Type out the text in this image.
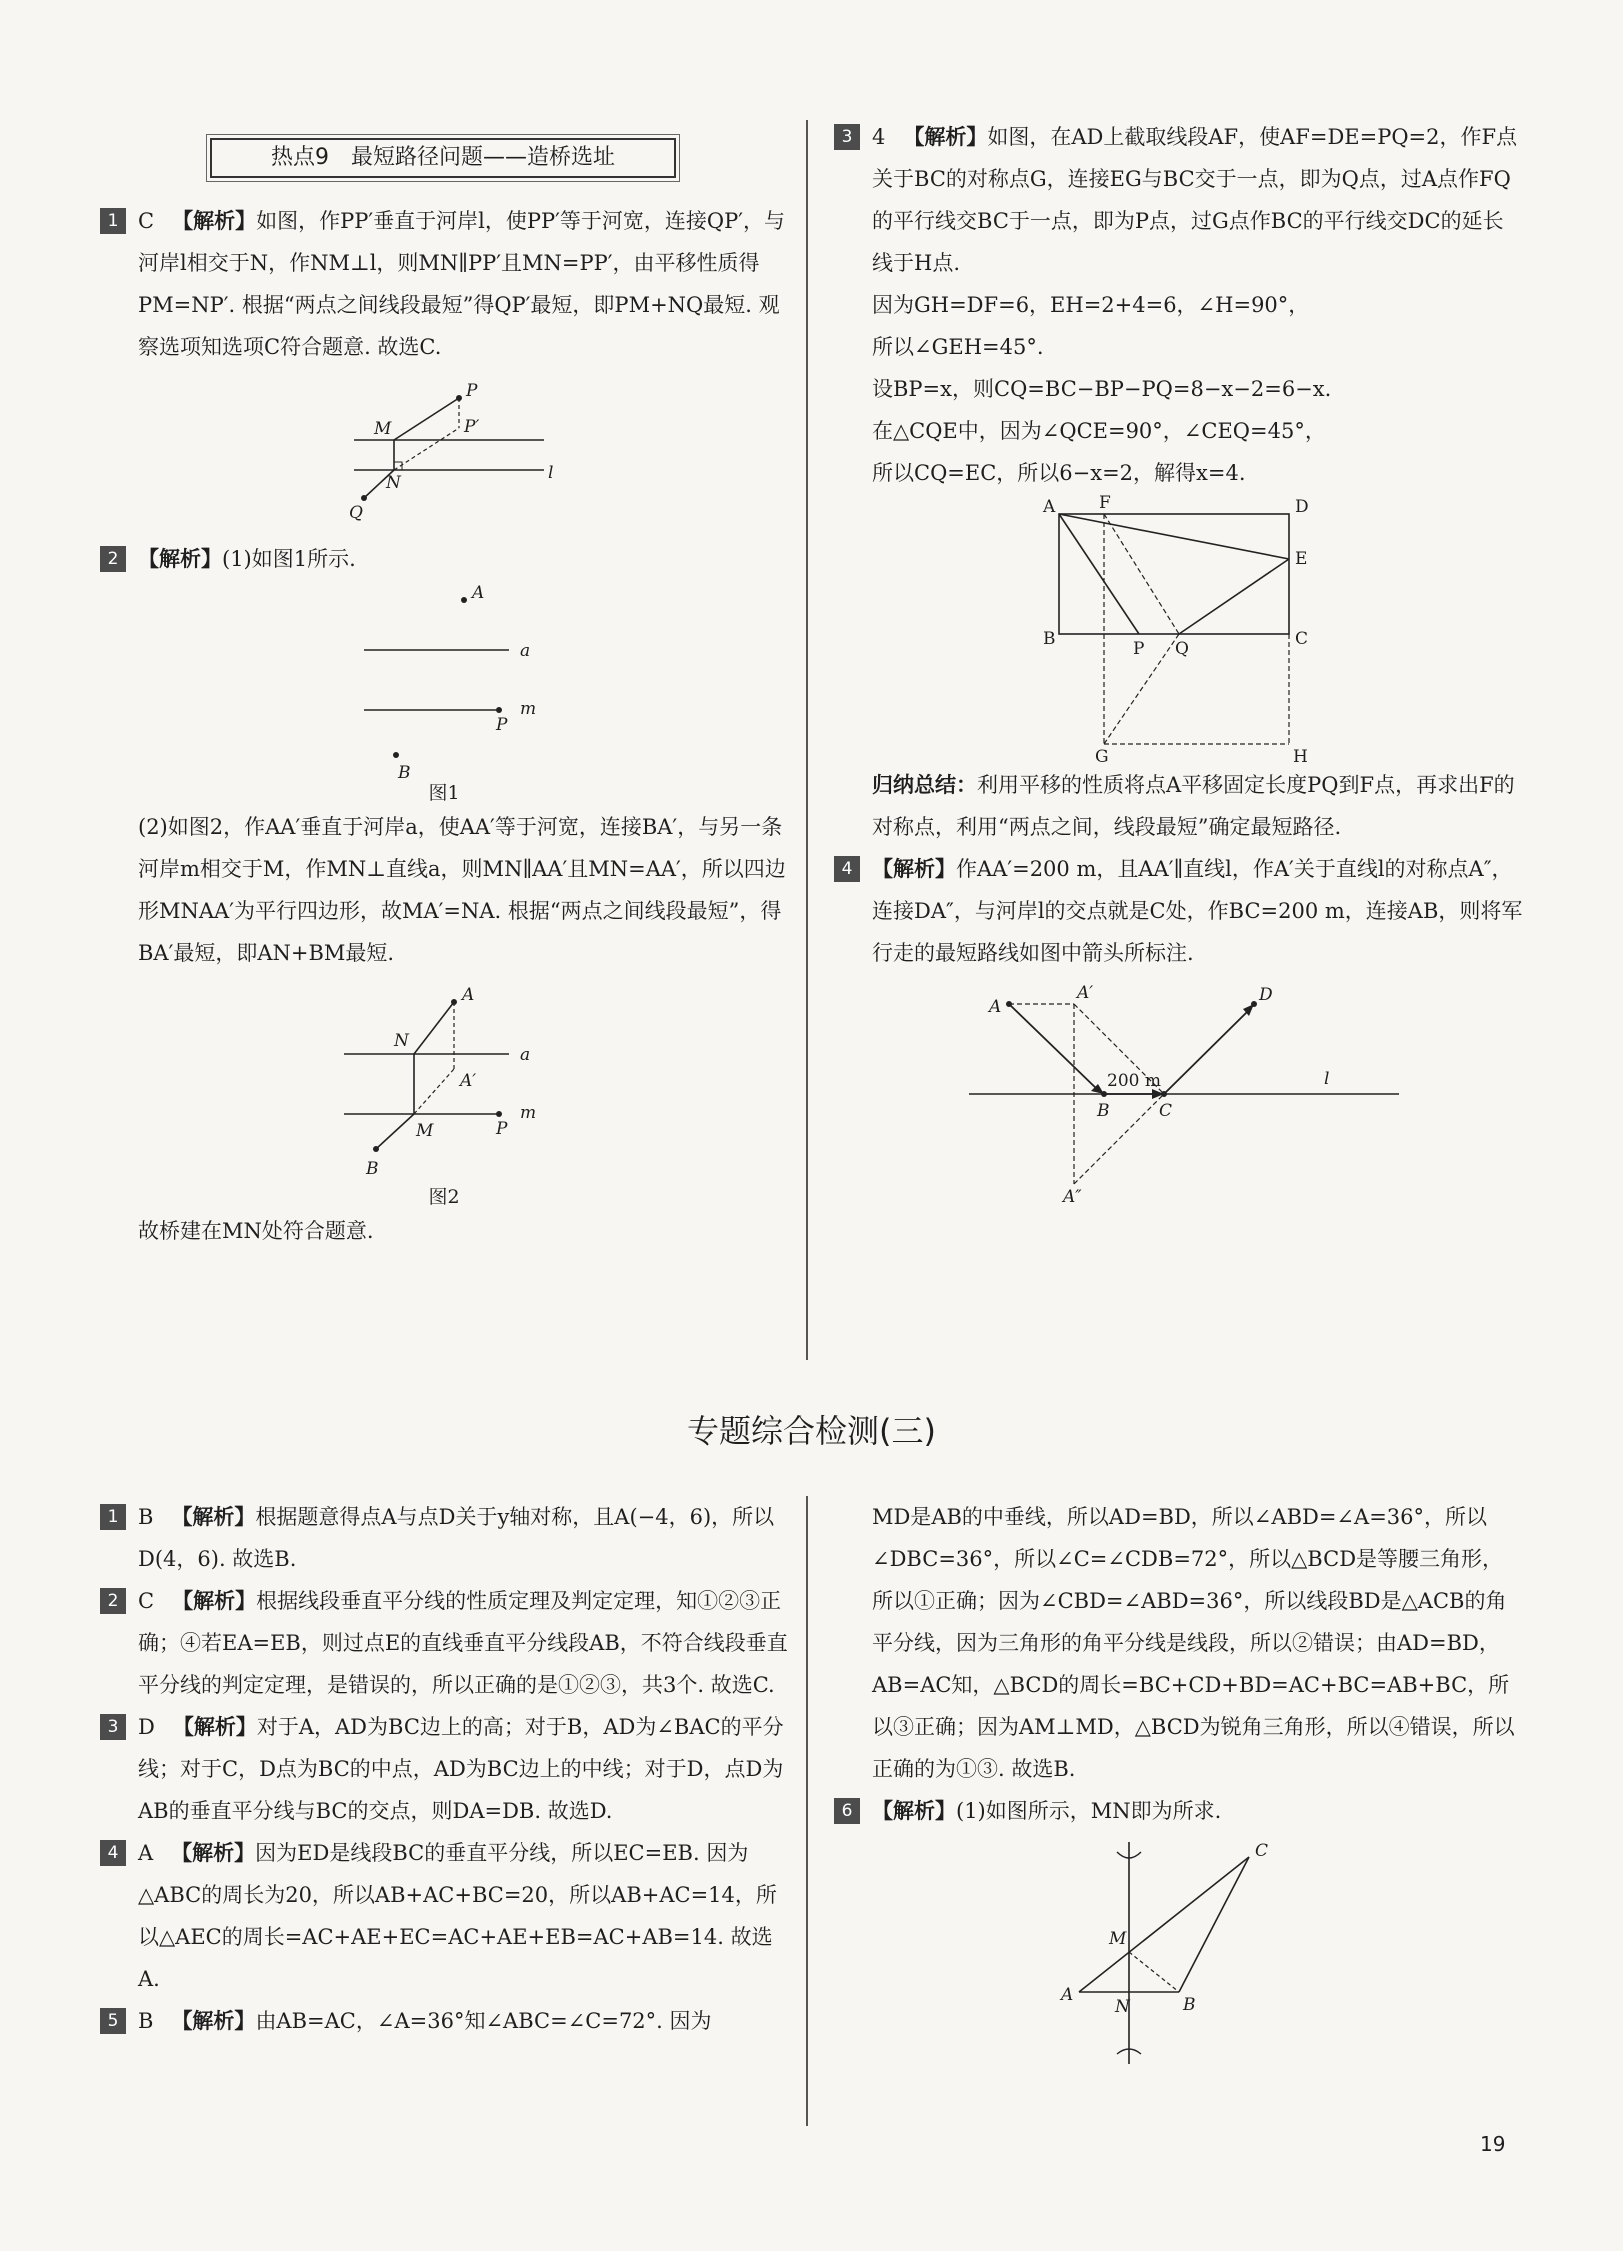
热点9　最短路径问题——造桥选址

1 C 【解析】如图，作PP′垂直于河岸l，使PP′等于河宽，连接QP′，与河岸l相交于N，作NM⊥l，则MN∥PP′且MN=PP′，由平移性质得PM=NP′. 根据“两点之间线段最短”得QP′最短，即PM+NQ最短. 观察选项知选项C符合题意. 故选C.

P
P′
M
N	l
Q

2 【解析】(1)如图1所示.

A
a
m
P
B

图1

(2)如图2，作AA′垂直于河岸a，使AA′等于河宽，连接BA′，与另一条河岸m相交于M，作MN⊥直线a，则MN∥AA′且MN=AA′，所以四边形MNAA′为平行四边形，故MA′=NA. 根据“两点之间线段最短”，得BA′最短，即AN+BM最短.

A
N
a
A′
m
M	P
B

图2

故桥建在MN处符合题意.

3 4 【解析】如图，在AD上截取线段AF，使AF=DE=PQ=2，作F点关于BC的对称点G，连接EG与BC交于一点，即为Q点，过A点作FQ的平行线交BC于一点，即为P点，过G点作BC的平行线交DC的延长线于H点.

因为GH=DF=6，EH=2+4=6，∠H=90°，

所以∠GEH=45°.

设BP=x，则CQ=BC−BP−PQ=8−x−2=6−x.

在△CQE中，因为∠QCE=90°，∠CEQ=45°，

所以CQ=EC，所以6−x=2，解得x=4.

A	F	D
E
B	P Q	C
G	H

归纳总结：利用平移的性质将点A平移固定长度PQ到F点，再求出F的对称点，利用“两点之间，线段最短”确定最短路径.

4 【解析】作AA′=200 m，且AA′∥直线l，作A′关于直线l的对称点A″，连接DA″，与河岸l的交点就是C处，作BC=200 m，连接AB，则将军行走的最短路线如图中箭头所标注.

A
A′	D
200 m	l
B	C
A″
专题综合检测(三)

1 B 【解析】根据题意得点A与点D关于y轴对称，且A(−4，6)，所以D(4，6). 故选B.

2 C 【解析】根据线段垂直平分线的性质定理及判定定理，知①②③正确；④若EA=EB，则过点E的直线垂直平分线段AB，不符合线段垂直平分线的判定定理，是错误的，所以正确的是①②③，共3个. 故选C.

3 D 【解析】对于A，AD为BC边上的高；对于B，AD为∠BAC的平分线；对于C，D点为BC的中点，AD为BC边上的中线；对于D，点D为AB的垂直平分线与BC的交点，则DA=DB. 故选D.

4 A 【解析】因为ED是线段BC的垂直平分线，所以EC=EB. 因为△ABC的周长为20，所以AB+AC+BC=20，所以AB+AC=14，所以△AEC的周长=AC+AE+EC=AC+AE+EB=AC+AB=14. 故选A.

5 B 【解析】由AB=AC，∠A=36°知∠ABC=∠C=72°. 因为

MD是AB的中垂线，所以AD=BD，所以∠ABD=∠A=36°，所以∠DBC=36°，所以∠C=∠CDB=72°，所以△BCD是等腰三角形，所以①正确；因为∠CBD=∠ABD=36°，所以线段BD是△ACB的角平分线，因为三角形的角平分线是线段，所以②错误；由AD=BD，AB=AC知，△BCD的周长=BC+CD+BD=AC+BC=AB+BC，所以③正确；因为AM⊥MD，△BCD为锐角三角形，所以④错误，所以正确的为①③. 故选B.

6 【解析】(1)如图所示，MN即为所求.

C
M
A
N	B
19
